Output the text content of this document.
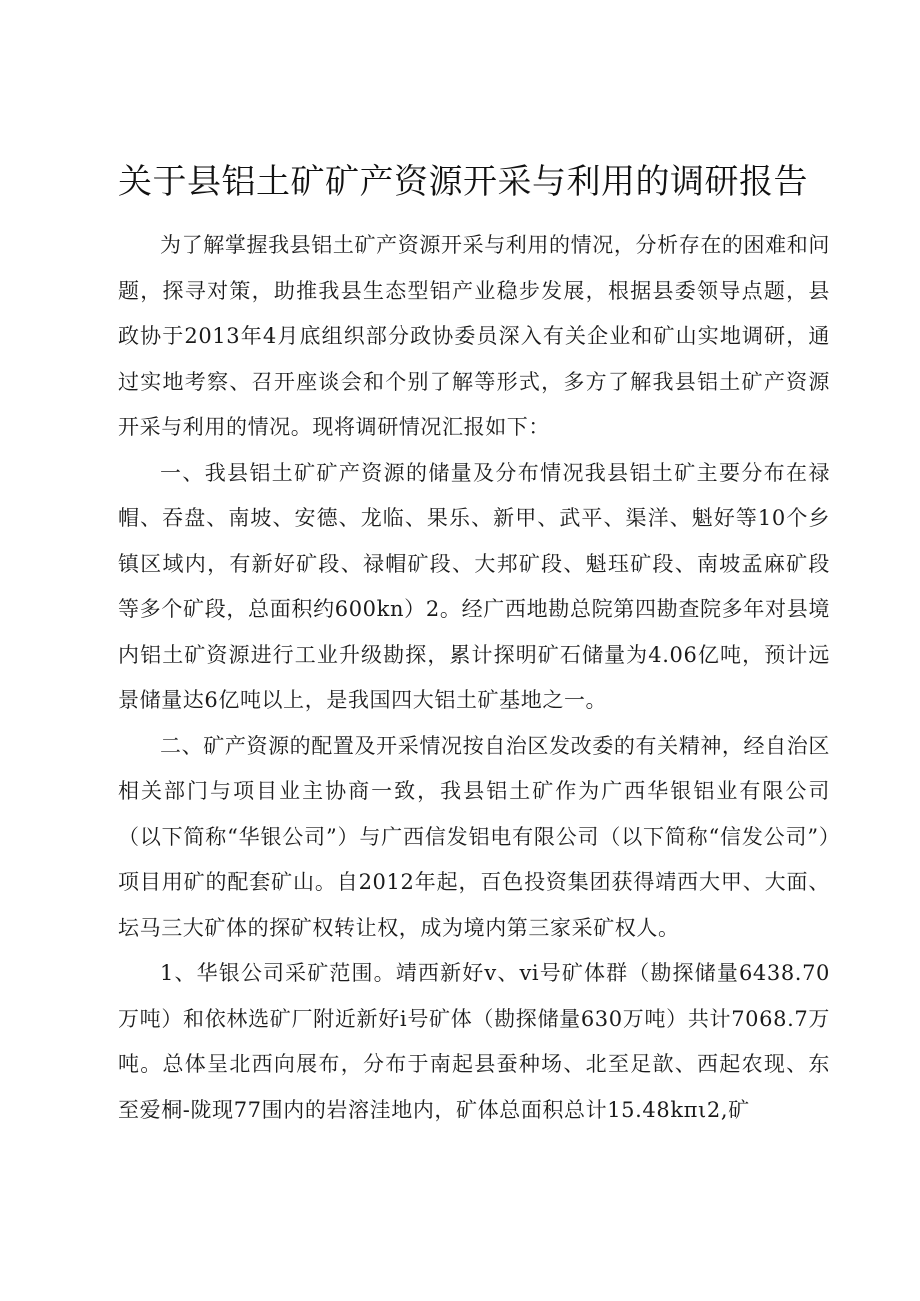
关于县铝土矿矿产资源开采与利用的调研报告

为了解掌握我县铝土矿产资源开采与利用的情况，分析存在的困难和问题，探寻对策，助推我县生态型铝产业稳步发展，根据县委领导点题，县政协于2013年4月底组织部分政协委员深入有关企业和矿山实地调研，通过实地考察、召开座谈会和个别了解等形式，多方了解我县铝土矿产资源开采与利用的情况。现将调研情况汇报如下：

一、我县铝土矿矿产资源的储量及分布情况我县铝土矿主要分布在禄帽、吞盘、南坡、安德、龙临、果乐、新甲、武平、渠洋、魁好等10个乡镇区域内，有新好矿段、禄帽矿段、大邦矿段、魁珏矿段、南坡孟麻矿段等多个矿段，总面积约600kn）2。经广西地勘总院第四勘查院多年对县境内铝土矿资源进行工业升级勘探，累计探明矿石储量为4.06亿吨，预计远景储量达6亿吨以上，是我国四大铝土矿基地之一。

二、矿产资源的配置及开采情况按自治区发改委的有关精神，经自治区相关部门与项目业主协商一致，我县铝土矿作为广西华银铝业有限公司（以下简称“华银公司”）与广西信发铝电有限公司（以下简称“信发公司”）项目用矿的配套矿山。自2012年起，百色投资集团获得靖西大甲、大面、坛马三大矿体的探矿权转让权，成为境内第三家采矿权人。

1、华银公司采矿范围。靖西新好v、vi号矿体群（勘探储量6438.70万吨）和依林选矿厂附近新好i号矿体（勘探储量630万吨）共计7068.7万吨。总体呈北西向展布，分布于南起县蚕种场、北至足歆、西起农现、东至爱桐-陇现77围内的岩溶洼地内，矿体总面积总计15.48kπι2,矿
